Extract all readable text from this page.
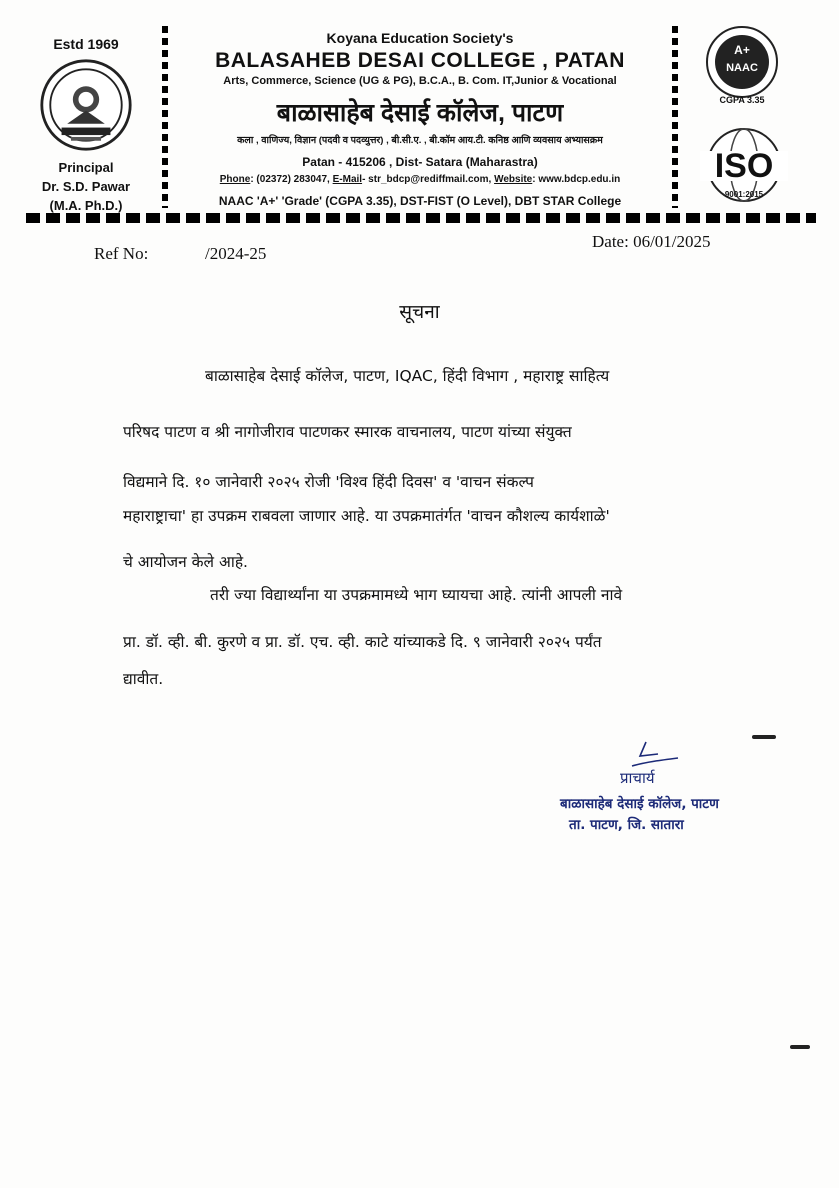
Estd 1969
Principal
Dr. S.D. Pawar
(M.A. Ph.D.)
Koyana Education Society's
BALASAHEB DESAI COLLEGE , PATAN
Arts, Commerce, Science (UG & PG), B.C.A., B. Com. IT,Junior & Vocational
बाळासाहेब देसाई कॉलेज, पाटण
कला , वाणिज्य, विज्ञान (पदवी व पदव्युत्तर) , बी.सी.ए. , बी.कॉम आय.टी. कनिष्ठ आणि व्यवसाय अभ्यासक्रम
Patan - 415206 , Dist- Satara (Maharastra)
Phone: (02372) 283047, E-Mail- str_bdcp@rediffmail.com, Website: www.bdcp.edu.in
NAAC 'A+' 'Grade' (CGPA 3.35), DST-FIST (O Level), DBT STAR College
A+
NAAC
CGPA 3.35

ISO
9001:2015
Ref No:	/2024-25
Date: 06/01/2025
सूचना
बाळासाहेब देसाई कॉलेज, पाटण, IQAC, हिंदी विभाग , महाराष्ट्र साहित्य
परिषद पाटण व श्री नागोजीराव पाटणकर स्मारक वाचनालय, पाटण यांच्या संयुक्त
विद्यमाने दि. १० जानेवारी २०२५ रोजी 'विश्व हिंदी दिवस' व 'वाचन संकल्प
महाराष्ट्राचा' हा उपक्रम राबवला जाणार आहे. या उपक्रमातंर्गत 'वाचन कौशल्य कार्यशाळे'
चे आयोजन केले आहे.
तरी ज्या विद्यार्थ्यांना या उपक्रमामध्ये भाग घ्यायचा आहे. त्यांनी आपली नावे
प्रा. डॉ. व्ही. बी. कुरणे व प्रा. डॉ. एच. व्ही. काटे यांच्याकडे दि. ९ जानेवारी २०२५ पर्यंत
द्यावीत.
प्राचार्य
बाळासाहेब देसाई कॉलेज, पाटण
ता. पाटण, जि. सातारा
